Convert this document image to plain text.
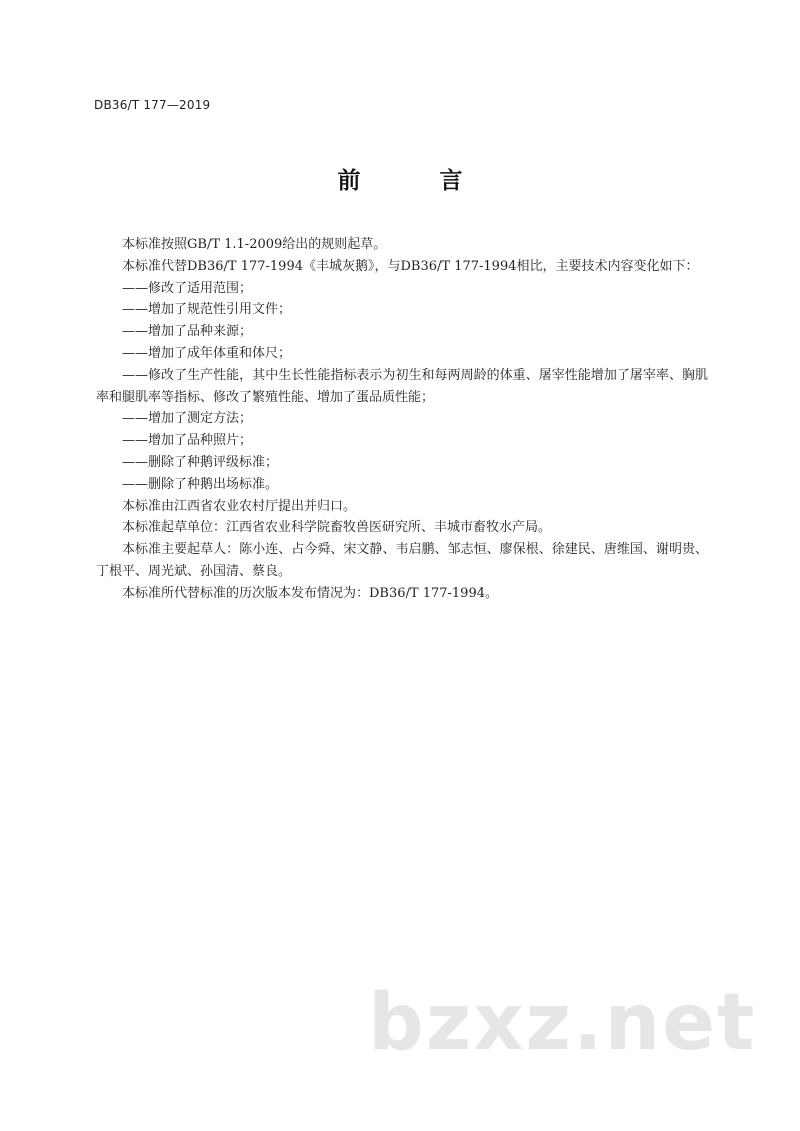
DB36/T 177—2019
前　言

本标准按照GB/T 1.1-2009给出的规则起草。

本标准代替DB36/T 177-1994《丰城灰鹅》，与DB36/T 177-1994相比，主要技术内容变化如下：

——修改了适用范围；

——增加了规范性引用文件；

——增加了品种来源；

——增加了成年体重和体尺；

——修改了生产性能，其中生长性能指标表示为初生和每两周龄的体重、屠宰性能增加了屠宰率、胸肌率和腿肌率等指标、修改了繁殖性能、增加了蛋品质性能；

——增加了测定方法；

——增加了品种照片；

——删除了种鹅评级标准；

——删除了种鹅出场标准。

本标准由江西省农业农村厅提出并归口。

本标准起草单位：江西省农业科学院畜牧兽医研究所、丰城市畜牧水产局。

本标准主要起草人：陈小连、占今舜、宋文静、韦启鹏、邹志恒、廖保根、徐建民、唐维国、谢明贵、丁根平、周光斌、孙国清、蔡良。

本标准所代替标准的历次版本发布情况为：DB36/T 177-1994。

bzxz.net
